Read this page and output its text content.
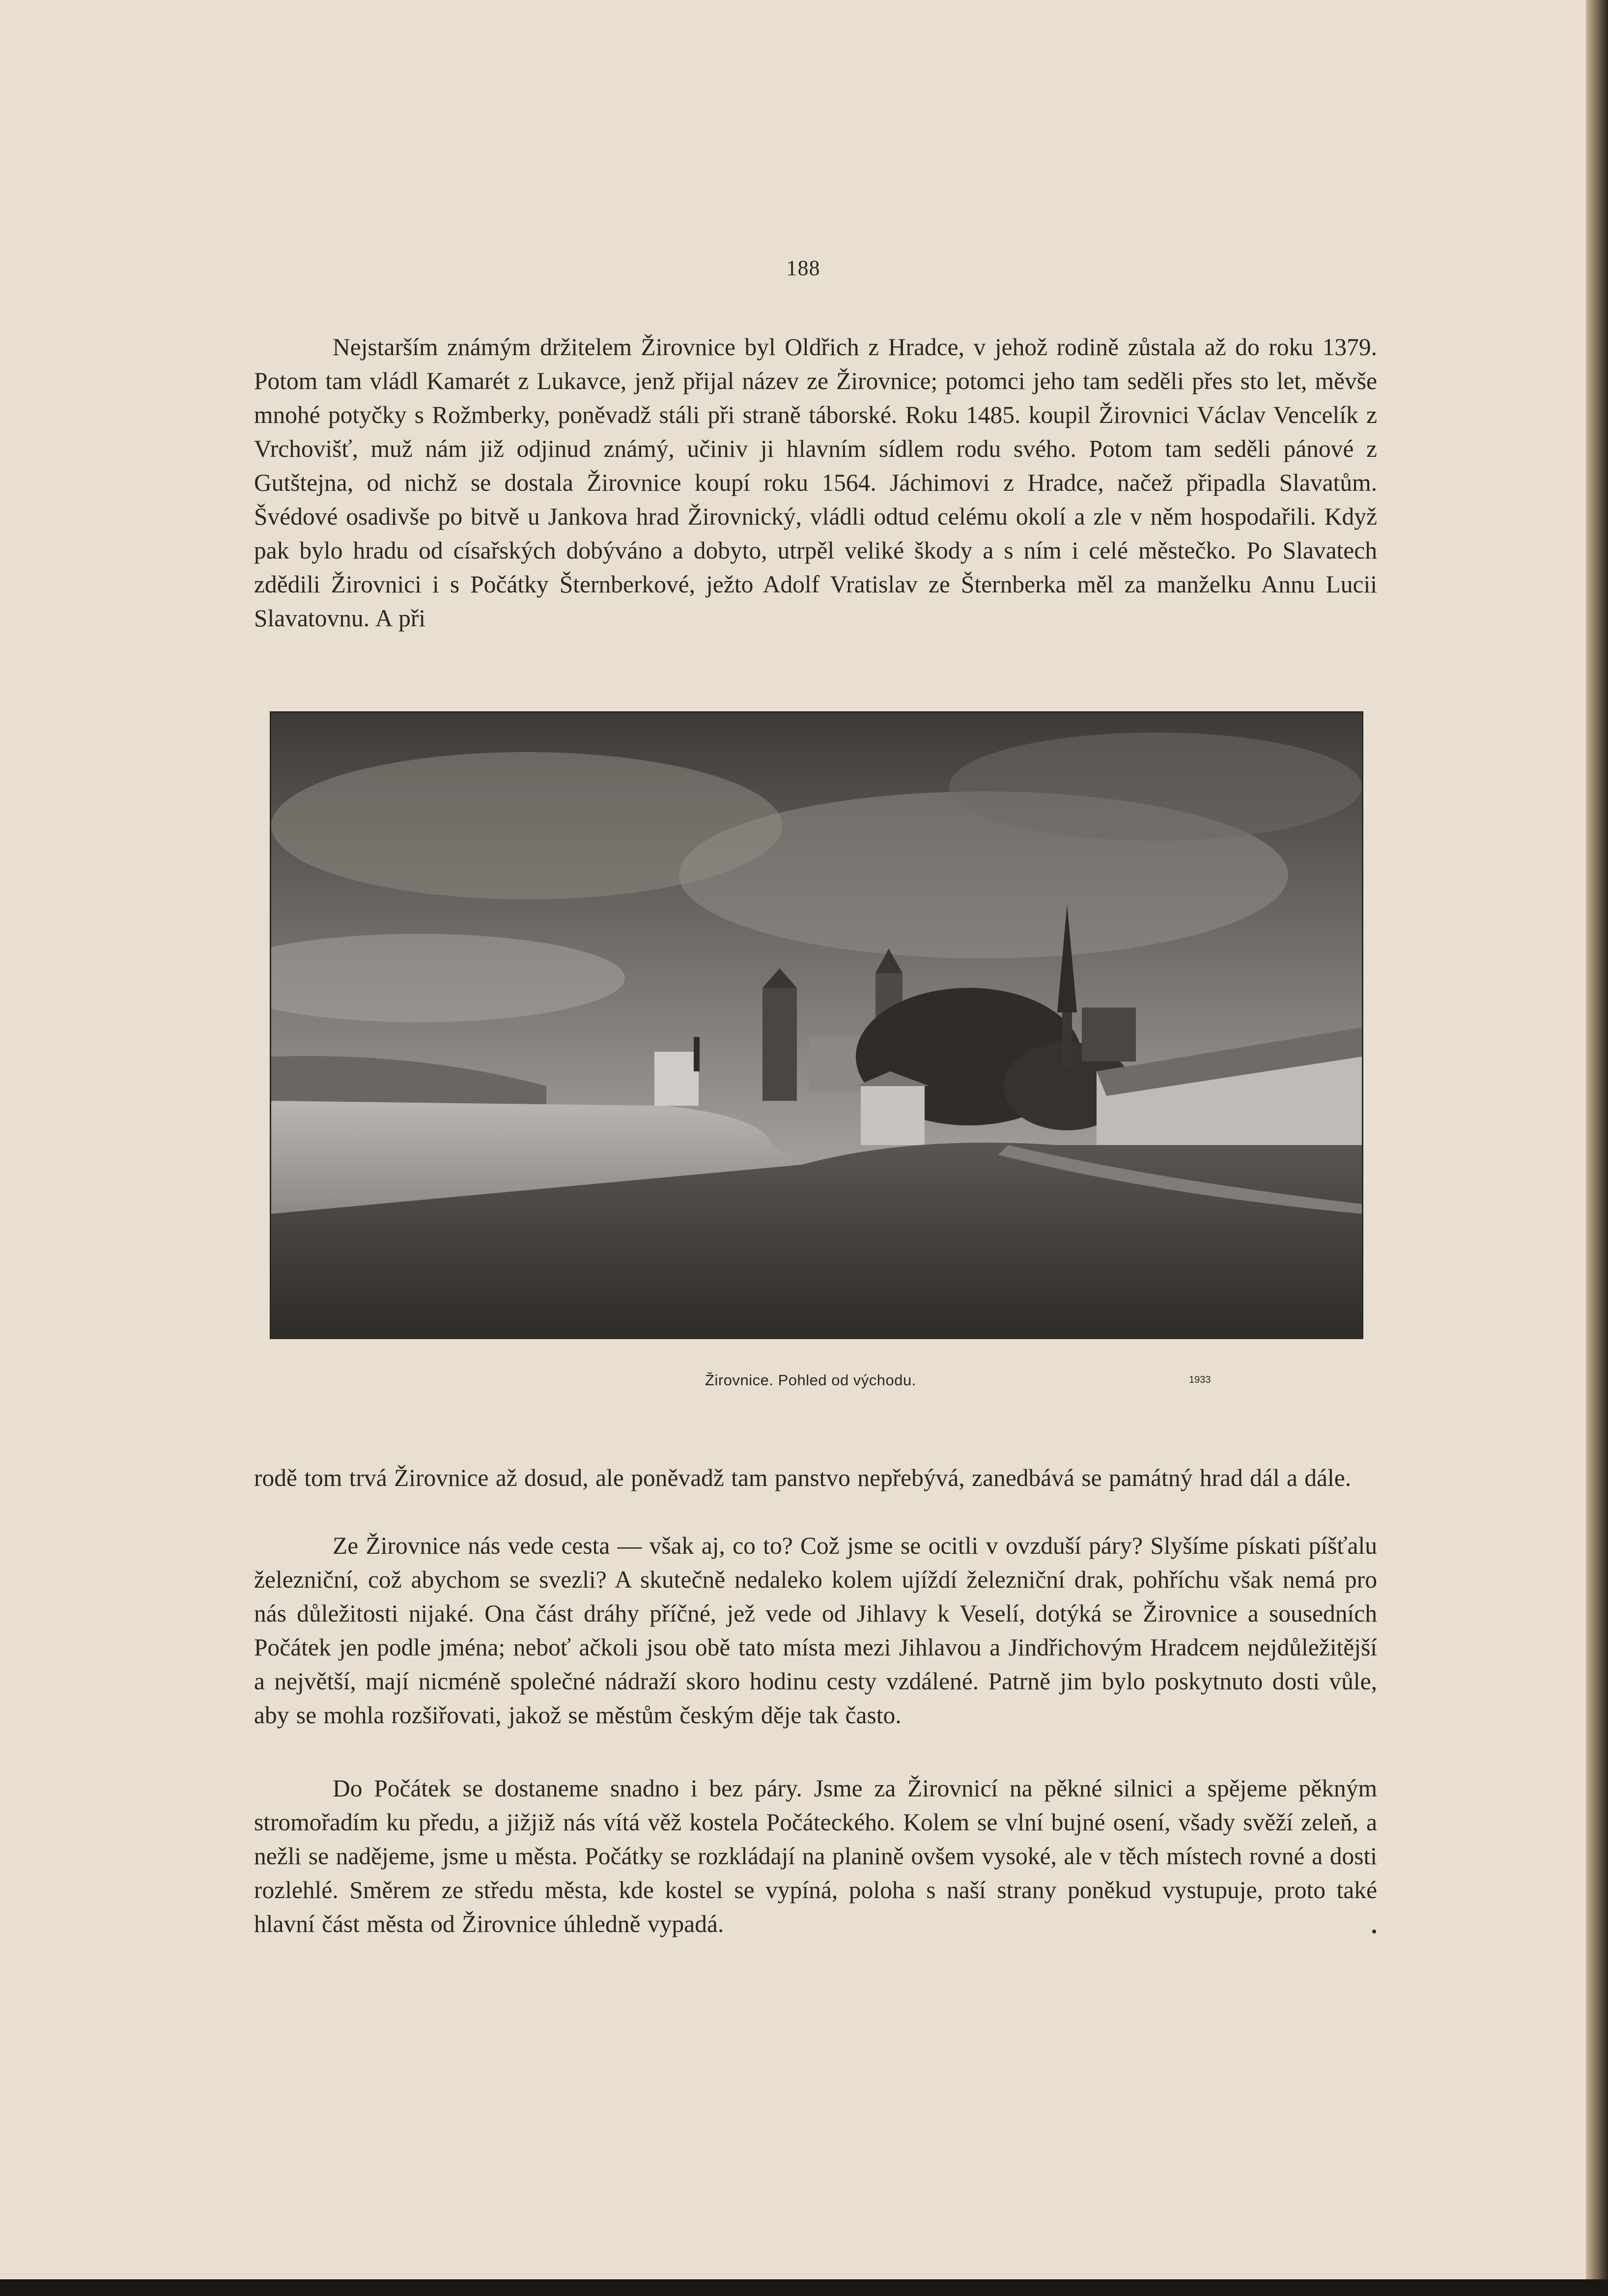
188

Nejstarším známým držitelem Žirovnice byl Oldřich z Hradce, v jehož rodině zůstala až do roku 1379. Potom tam vládl Kamarét z Lukavce, jenž přijal název ze Žirovnice; potomci jeho tam seděli přes sto let, měvše mnohé potyčky s Rožmberky, poněvadž stáli při straně táborské. Roku 1485. koupil Žirovnici Václav Vencelík z Vrchovišť, muž nám již odjinud známý, učiniv ji hlavním sídlem rodu svého. Potom tam seděli pánové z Gutštejna, od nichž se dostala Žirovnice koupí roku 1564. Jáchimovi z Hradce, načež připadla Slavatům. Švédové osadivše po bitvě u Jankova hrad Žirovnický, vládli odtud celému okolí a zle v něm hospodařili. Když pak bylo hradu od císařských dobýváno a dobyto, utrpěl veliké škody a s ním i celé městečko. Po Slavatech zdědili Žirovnici i s Počátky Šternberkové, ježto Adolf Vratislav ze Šternberka měl za manželku Annu Lucii Slavatovnu. A při

Žirovnice. Pohled od východu.	1933

rodě tom trvá Žirovnice až dosud, ale poněvadž tam panstvo nepřebývá, zanedbává se památný hrad dál a dále.

Ze Žirovnice nás vede cesta — však aj, co to? Což jsme se ocitli v ovzduší páry? Slyšíme pískati píšťalu železniční, což abychom se svezli? A skutečně nedaleko kolem ujíždí železniční drak, pohříchu však nemá pro nás důležitosti nijaké. Ona část dráhy příčné, jež vede od Jihlavy k Veselí, dotýká se Žirovnice a sousedních Počátek jen podle jména; neboť ačkoli jsou obě tato místa mezi Jihlavou a Jindřichovým Hradcem nejdůležitější a největší, mají nicméně společné nádraží skoro hodinu cesty vzdálené. Patrně jim bylo poskytnuto dosti vůle, aby se mohla rozšiřovati, jakož se městům českým děje tak často.

Do Počátek se dostaneme snadno i bez páry. Jsme za Žirovnicí na pěkné silnici a spějeme pěkným stromořadím ku předu, a jižjiž nás vítá věž kostela Počáteckého. Kolem se vlní bujné osení, všady svěží zeleň, a nežli se nadějeme, jsme u města. Počátky se rozkládají na planině ovšem vysoké, ale v těch místech rovné a dosti rozlehlé. Směrem ze středu města, kde kostel se vypíná, poloha s naší strany poněkud vystupuje, proto také hlavní část města od Žirovnice úhledně vypadá.
